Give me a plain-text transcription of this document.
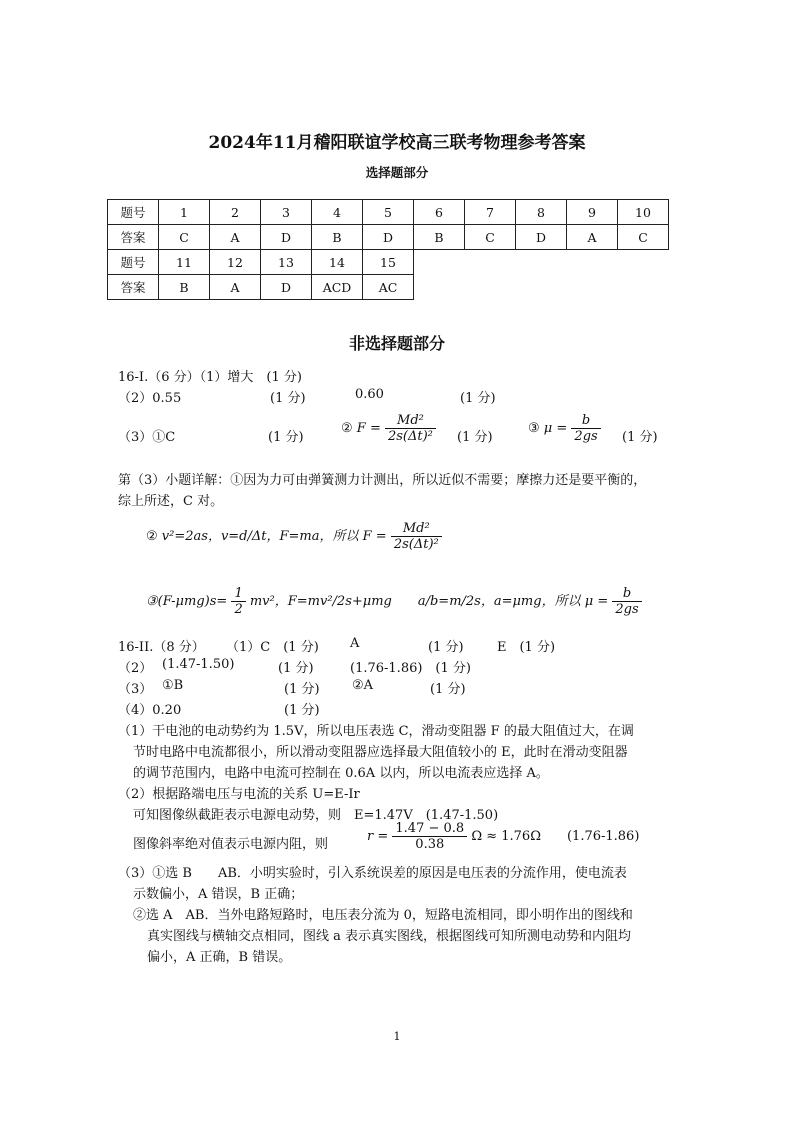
2024年11月稽阳联谊学校高三联考物理参考答案
选择题部分
题号	1	2	3	4	5	6	7	8	9	10
答案	C	A	D	B	D	B	C	D	A	C
题号	11	12	13	14	15					
答案	B	A	D	ACD	AC					
非选择题部分
16-I.（6 分）（1）增大　(1 分)
（2）0.55	(1 分)	0.60	(1 分)
（3）①C	(1 分)
② $F = \frac{\text{Md²}}{\text{2s(Δt)²}} (1$ 分)
③ $\mu = \frac{b}{2gs} (1$ 分)
第（3）小题详解：①因为力可由弹簧测力计测出，所以近似不需要；摩擦力还是要平衡的，
综上所述，C 对。
② v²=2as，v=d/Δt，F=ma，所以 $F = \frac{\text{Md²}}{\text{2s(Δt)²}}$
③(F-μmg)s= $\frac{1}{2} mv^2$，F=mv²/2s+μmg　　a/b=m/2s，a=μmg，所以 $\mu = \frac{b}{2gs}$
16-II.（8 分） （1）C　(1 分) A	(1 分)	E　(1 分)
（2） (1.47-1.50)	(1 分)	(1.76-1.86)　(1 分)
（3） ①B	(1 分) ②A	(1 分)
（4）0.20	(1 分)
（1）干电池的电动势约为 1.5V，所以电压表选 C，滑动变阻器 F 的最大阻值过大，在调
节时电路中电流都很小，所以滑动变阻器应选择最大阻值较小的 E，此时在滑动变阻器
的调节范围内，电路中电流可控制在 0.6A 以内，所以电流表应选择 A。
（2）根据路端电压与电流的关系 U=E-Ir
可知图像纵截距表示电源电动势，则　E=1.47V　(1.47-1.50)
图像斜率绝对值表示电源内阻，则
$r = \frac{1.47 - 0.8}{0.38}$ Ω ≈ 1.76Ω　　(1.76-1.86)
（3）①选 B　　AB．小明实验时，引入系统误差的原因是电压表的分流作用，使电流表
示数偏小，A 错误，B 正确；
②选 A　AB．当外电路短路时，电压表分流为 0，短路电流相同，即小明作出的图线和
真实图线与横轴交点相同，图线 a 表示真实图线，根据图线可知所测电动势和内阻均
偏小，A 正确，B 错误。
1
